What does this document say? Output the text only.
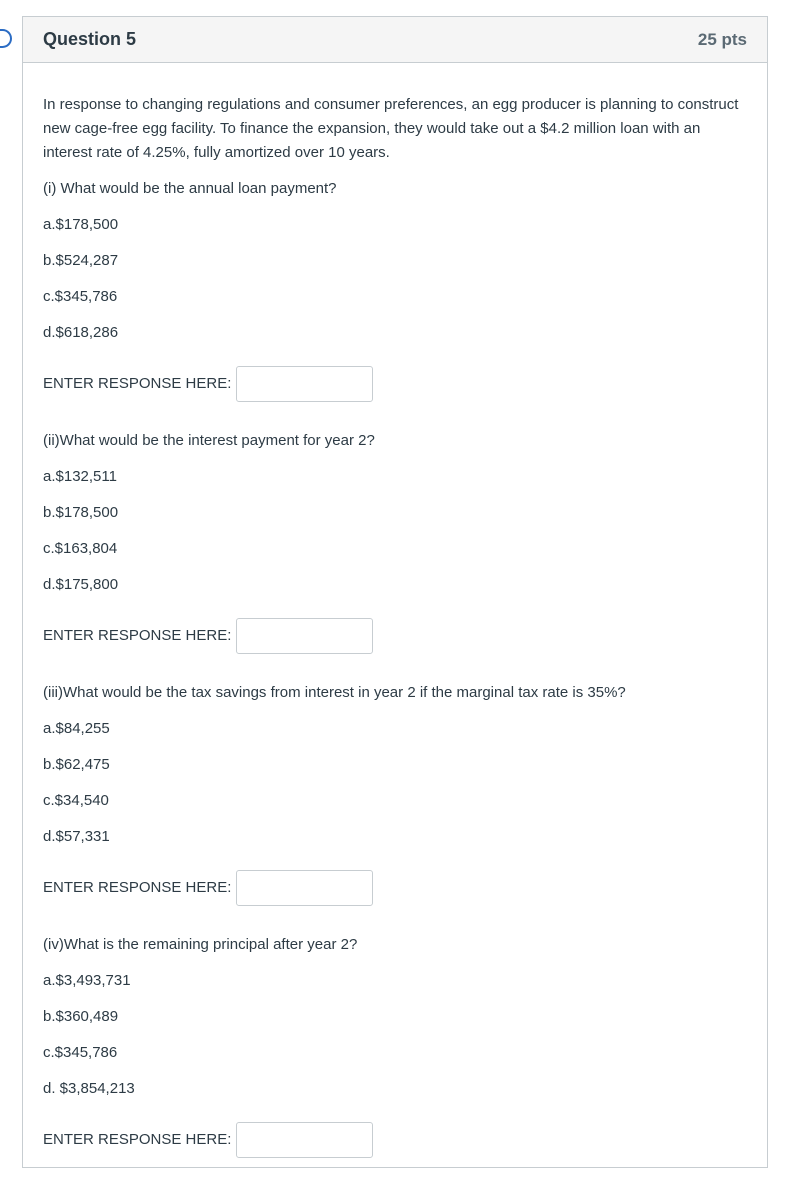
Question 5	25 pts

In response to changing regulations and consumer preferences, an egg producer is planning to construct new cage-free egg facility. To finance the expansion, they would take out a $4.2 million loan with an interest rate of 4.25%, fully amortized over 10 years.

(i) What would be the annual loan payment?

a.$178,500

b.$524,287

c.$345,786

d.$618,286

ENTER RESPONSE HERE:

(ii)What would be the interest payment for year 2?

a.$132,511

b.$178,500

c.$163,804

d.$175,800

ENTER RESPONSE HERE:

(iii)What would be the tax savings from interest in year 2 if the marginal tax rate is 35%?

a.$84,255

b.$62,475

c.$34,540

d.$57,331

ENTER RESPONSE HERE:

(iv)What is the remaining principal after year 2?

a.$3,493,731

b.$360,489

c.$345,786

d. $3,854,213

ENTER RESPONSE HERE:
